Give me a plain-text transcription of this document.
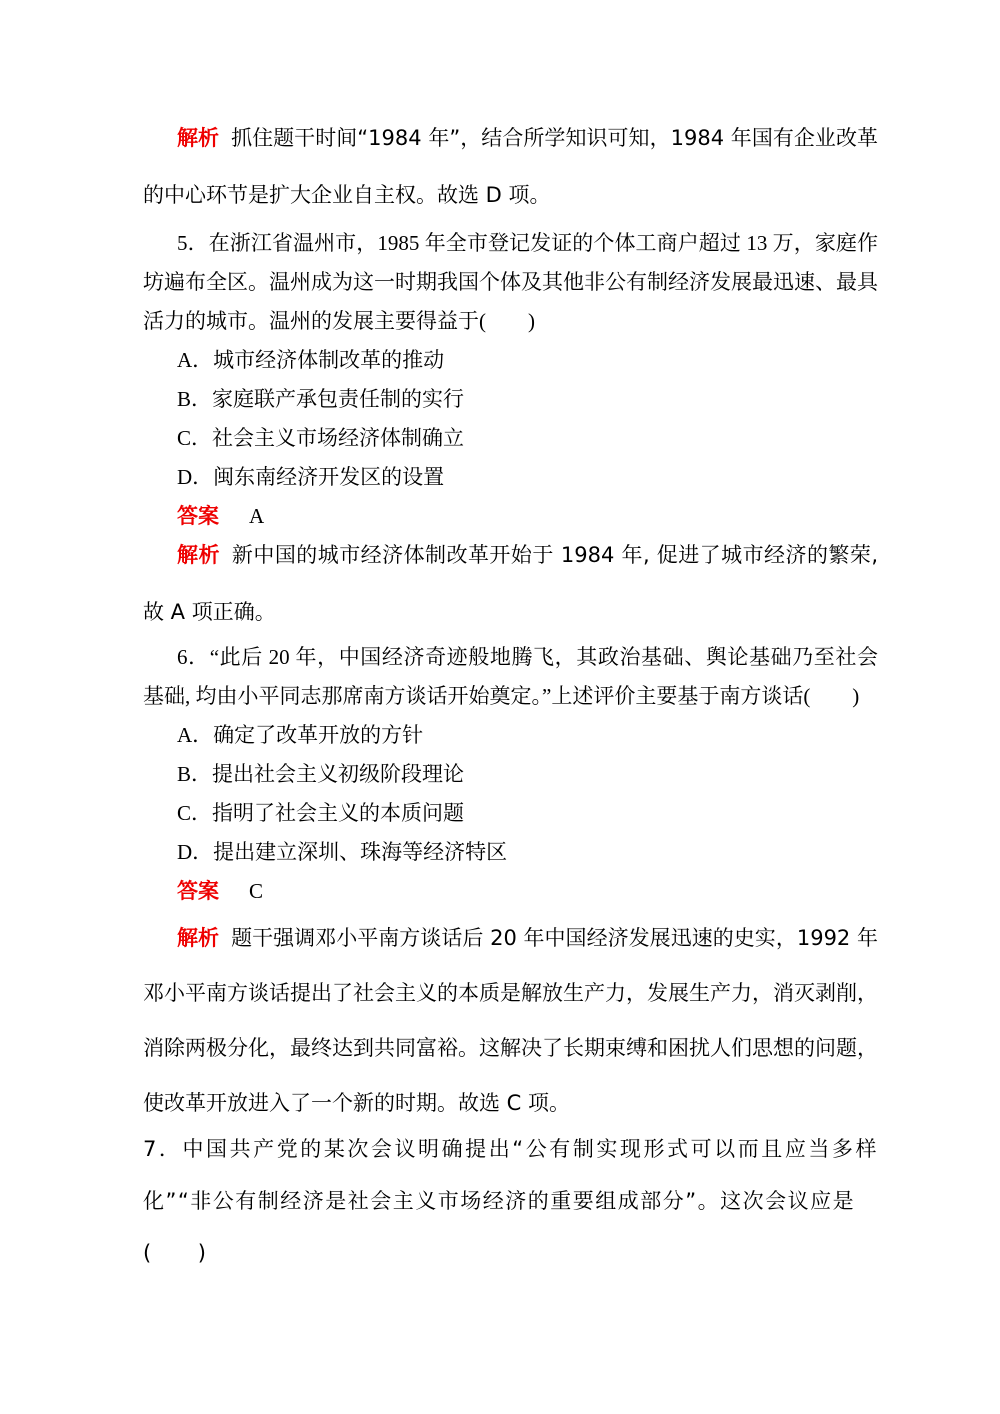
解析 抓住题干时间“1984 年”，结合所学知识可知，1984 年国有企业改革的中心环节是扩大企业自主权。故选 D 项。

5．在浙江省温州市，1985 年全市登记发证的个体工商户超过 13 万，家庭作坊遍布全区。温州成为这一时期我国个体及其他非公有制经济发展最迅速、最具活力的城市。温州的发展主要得益于(　　)

A．城市经济体制改革的推动

B．家庭联产承包责任制的实行

C．社会主义市场经济体制确立

D．闽东南经济开发区的设置

答案 A

解析 新中国的城市经济体制改革开始于 1984 年, 促进了城市经济的繁荣, 故 A 项正确。

6．“此后 20 年，中国经济奇迹般地腾飞，其政治基础、舆论基础乃至社会基础, 均由小平同志那席南方谈话开始奠定。”上述评价主要基于南方谈话(　　)

A．确定了改革开放的方针

B．提出社会主义初级阶段理论

C．指明了社会主义的本质问题

D．提出建立深圳、珠海等经济特区

答案 C

解析 题干强调邓小平南方谈话后 20 年中国经济发展迅速的史实，1992 年邓小平南方谈话提出了社会主义的本质是解放生产力，发展生产力，消灭剥削，消除两极分化，最终达到共同富裕。这解决了长期束缚和困扰人们思想的问题，使改革开放进入了一个新的时期。故选 C 项。

7．中国共产党的某次会议明确提出“公有制实现形式可以而且应当多样化”“非公有制经济是社会主义市场经济的重要组成部分”。这次会议应是

(　　)
